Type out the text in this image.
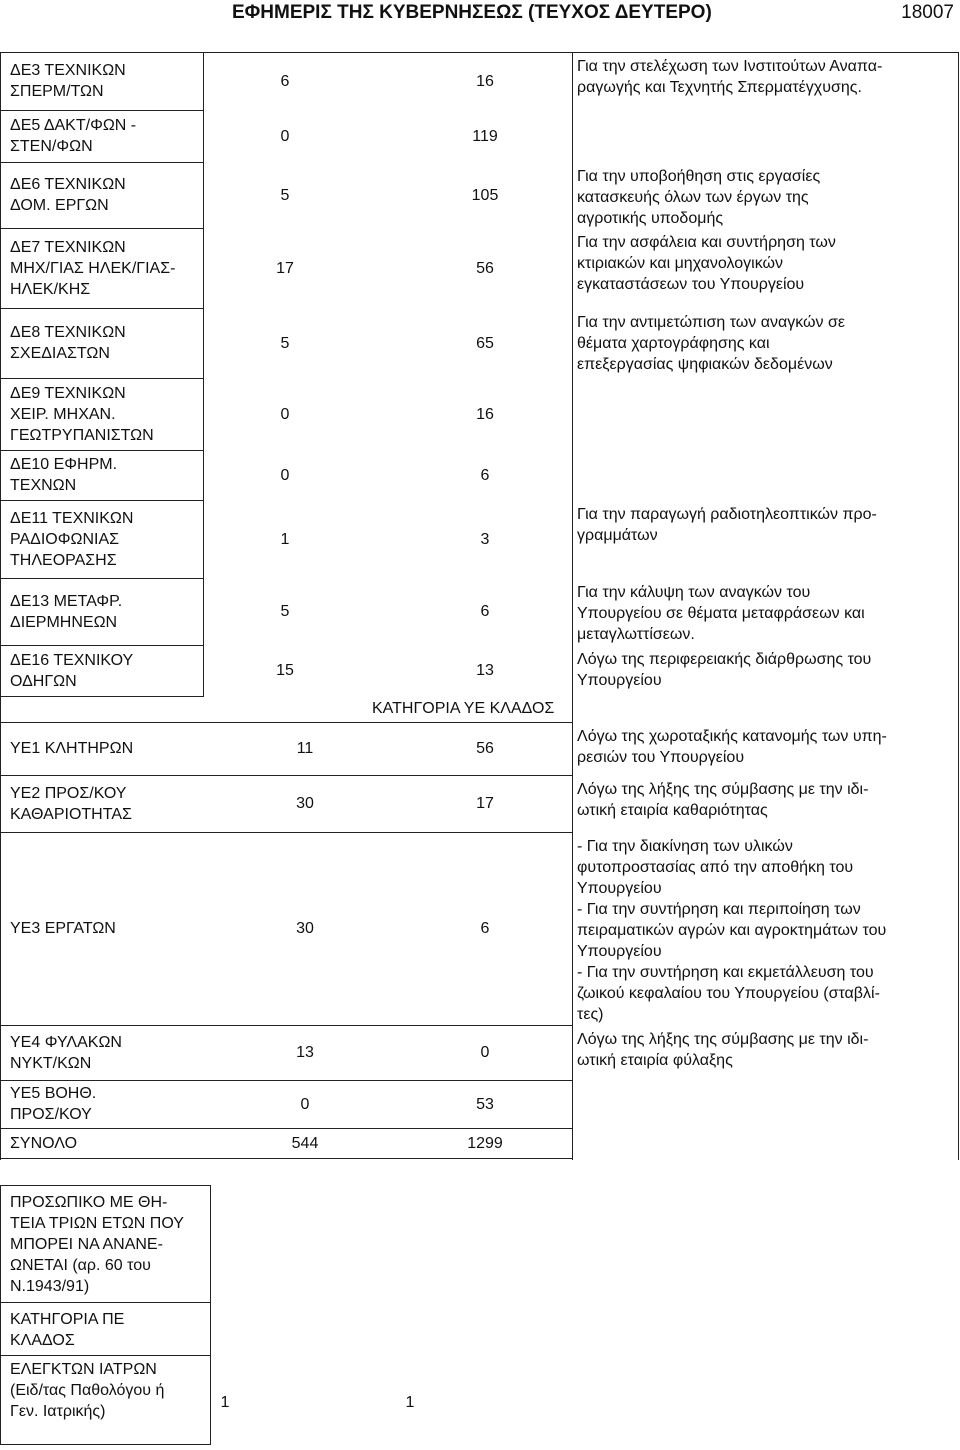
ΕΦΗΜΕΡΙΣ ΤΗΣ ΚΥΒΕΡΝΗΣΕΩΣ (ΤΕΥΧΟΣ ΔΕΥΤΕΡΟ)	18007
ΔΕ3 ΤΕΧΝΙΚΩΝ
ΣΠΕΡΜ/ΤΩΝ
6	16
Για την στελέχωση των Ινστιτούτων Αναπα-
ραγωγής και Τεχνητής Σπερματέγχυσης.
ΔΕ5 ΔΑΚΤ/ΦΩΝ -
ΣΤΕΝ/ΦΩΝ
0	119
ΔΕ6 ΤΕΧΝΙΚΩΝ
ΔΟΜ. ΕΡΓΩΝ
5	105
Για την υποβοήθηση στις εργασίες
κατασκευής όλων των έργων της
αγροτικής υποδομής
ΔΕ7 ΤΕΧΝΙΚΩΝ
ΜΗΧ/ΓΙΑΣ ΗΛΕΚ/ΓΙΑΣ-
ΗΛΕΚ/ΚΗΣ
17	56
Για την ασφάλεια και συντήρηση των
κτιριακών και μηχανολογικών
εγκαταστάσεων του Υπουργείου
ΔΕ8 ΤΕΧΝΙΚΩΝ
ΣΧΕΔΙΑΣΤΩΝ
5	65
Για την αντιμετώπιση των αναγκών σε
θέματα χαρτογράφησης και
επεξεργασίας ψηφιακών δεδομένων
ΔΕ9 ΤΕΧΝΙΚΩΝ
ΧΕΙΡ. ΜΗΧΑΝ.
ΓΕΩΤΡΥΠΑΝΙΣΤΩΝ
0	16
ΔΕ10 ΕΦΗΡΜ.
ΤΕΧΝΩΝ
0	6
ΔΕ11 ΤΕΧΝΙΚΩΝ
ΡΑΔΙΟΦΩΝΙΑΣ
ΤΗΛΕΟΡΑΣΗΣ
1	3
Για την παραγωγή ραδιοτηλεοπτικών προ-
γραμμάτων
ΔΕ13 ΜΕΤΑΦΡ.
ΔΙΕΡΜΗΝΕΩΝ
5	6
Για την κάλυψη των αναγκών του
Υπουργείου σε θέματα μεταφράσεων και
μεταγλωττίσεων.
ΔΕ16 ΤΕΧΝΙΚΟΥ
ΟΔΗΓΩΝ
15	13
Λόγω της περιφερειακής διάρθρωσης του
Υπουργείου
ΚΑΤΗΓΟΡΙΑ ΥΕ ΚΛΑΔΟΣ
ΥΕ1 ΚΛΗΤΗΡΩΝ	11	56
Λόγω της χωροταξικής κατανομής των υπη-
ρεσιών του Υπουργείου
ΥΕ2 ΠΡΟΣ/ΚΟΥ
ΚΑΘΑΡΙΟΤΗΤΑΣ
30	17
Λόγω της λήξης της σύμβασης με την ιδι-
ωτική εταιρία καθαριότητας
ΥΕ3 ΕΡΓΑΤΩΝ	30	6
- Για την διακίνηση των υλικών
φυτοπροστασίας από την αποθήκη του
Υπουργείου
- Για την συντήρηση και περιποίηση των
πειραματικών αγρών και αγροκτημάτων του
Υπουργείου
- Για την συντήρηση και εκμετάλλευση του
ζωικού κεφαλαίου του Υπουργείου (σταβλί-
τες)
ΥΕ4 ΦΥΛΑΚΩΝ
ΝΥΚΤ/ΚΩΝ
13	0
Λόγω της λήξης της σύμβασης με την ιδι-
ωτική εταιρία φύλαξης
ΥΕ5 ΒΟΗΘ.
ΠΡΟΣ/ΚΟΥ
0	53
ΣΥΝΟΛΟ	544	1299
ΠΡΟΣΩΠΙΚΟ ΜΕ ΘΗ-
ΤΕΙΑ ΤΡΙΩΝ ΕΤΩΝ ΠΟΥ
ΜΠΟΡΕΙ ΝΑ ΑΝΑΝΕ-
ΩΝΕΤΑΙ (αρ. 60 του
Ν.1943/91)
ΚΑΤΗΓΟΡΙΑ ΠΕ
ΚΛΑΔΟΣ
ΕΛΕΓΚΤΩΝ ΙΑΤΡΩΝ
(Ειδ/τας Παθολόγου ή
Γεν. Ιατρικής)
1	1
